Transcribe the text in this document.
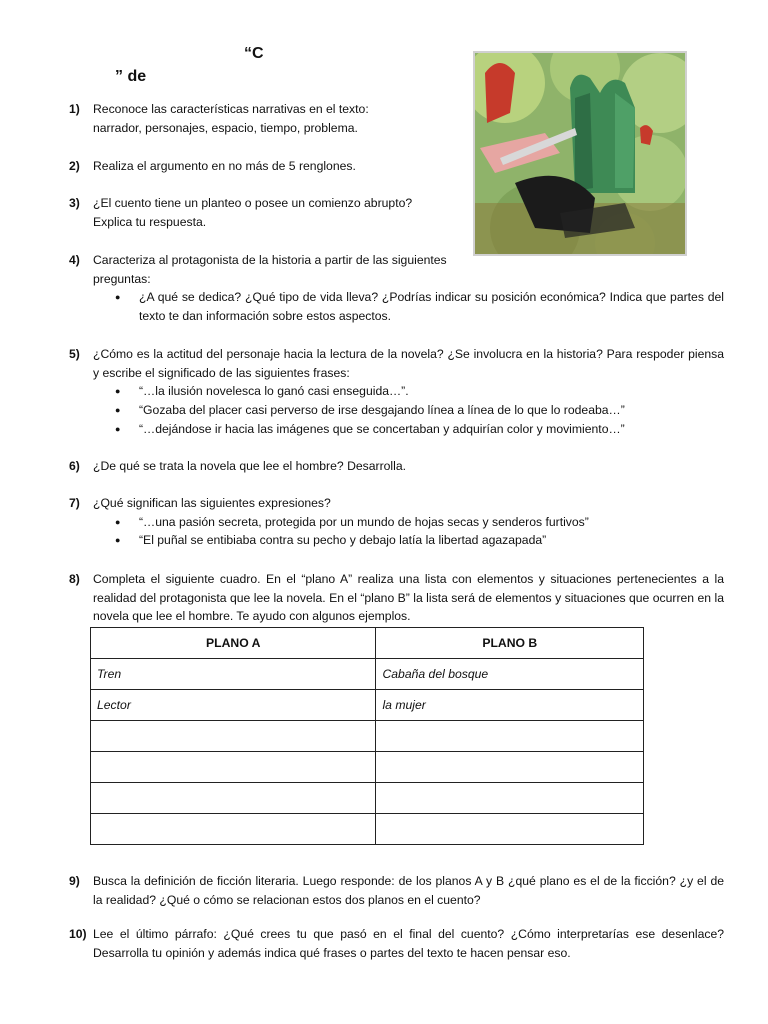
“C
” de
1) Reconoce las características narrativas en el texto:
narrador, personajes, espacio, tiempo, problema.
2) Realiza el argumento en no más de 5 renglones.
3) ¿El cuento tiene un planteo o posee un comienzo abrupto?
Explica tu respuesta.
4) Caracteriza al protagonista de la historia a partir de las siguientes
preguntas:
● ¿A qué se dedica? ¿Qué tipo de vida lleva? ¿Podrías indicar su posición económica? Indica que partes del texto te dan información sobre estos aspectos.
5) ¿Cómo es la actitud del personaje hacia la lectura de la novela? ¿Se involucra en la historia? Para respoder piensa y escribe el significado de las siguientes frases:
● “…la ilusión novelesca lo ganó casi enseguida…”.
● “Gozaba del placer casi perverso de irse desgajando línea a línea de lo que lo rodeaba…”
● “…dejándose ir hacia las imágenes que se concertaban y adquirían color y movimiento…”
6) ¿De qué se trata la novela que lee el hombre? Desarrolla.
7) ¿Qué significan las siguientes expresiones?
● “…una pasión secreta, protegida por un mundo de hojas secas y senderos furtivos”
● “El puñal se entibiaba contra su pecho y debajo latía la libertad agazapada”
8) Completa el siguiente cuadro. En el “plano A” realiza una lista con elementos y situaciones pertenecientes a la realidad del protagonista que lee la novela. En el “plano B” la lista será de elementos y situaciones que ocurren en la novela que lee el hombre. Te ayudo con algunos ejemplos.
PLANO A	PLANO B
Tren	Cabaña del bosque
Lector	la mujer

9) Busca la definición de ficción literaria. Luego responde: de los planos A y B ¿qué plano es el de la ficción? ¿y el de la realidad? ¿Qué o cómo se relacionan estos dos planos en el cuento?
10) Lee el último párrafo: ¿Qué crees tu que pasó en el final del cuento? ¿Cómo interpretarías ese desenlace? Desarrolla tu opinión y además indica qué frases o partes del texto te hacen pensar eso.
